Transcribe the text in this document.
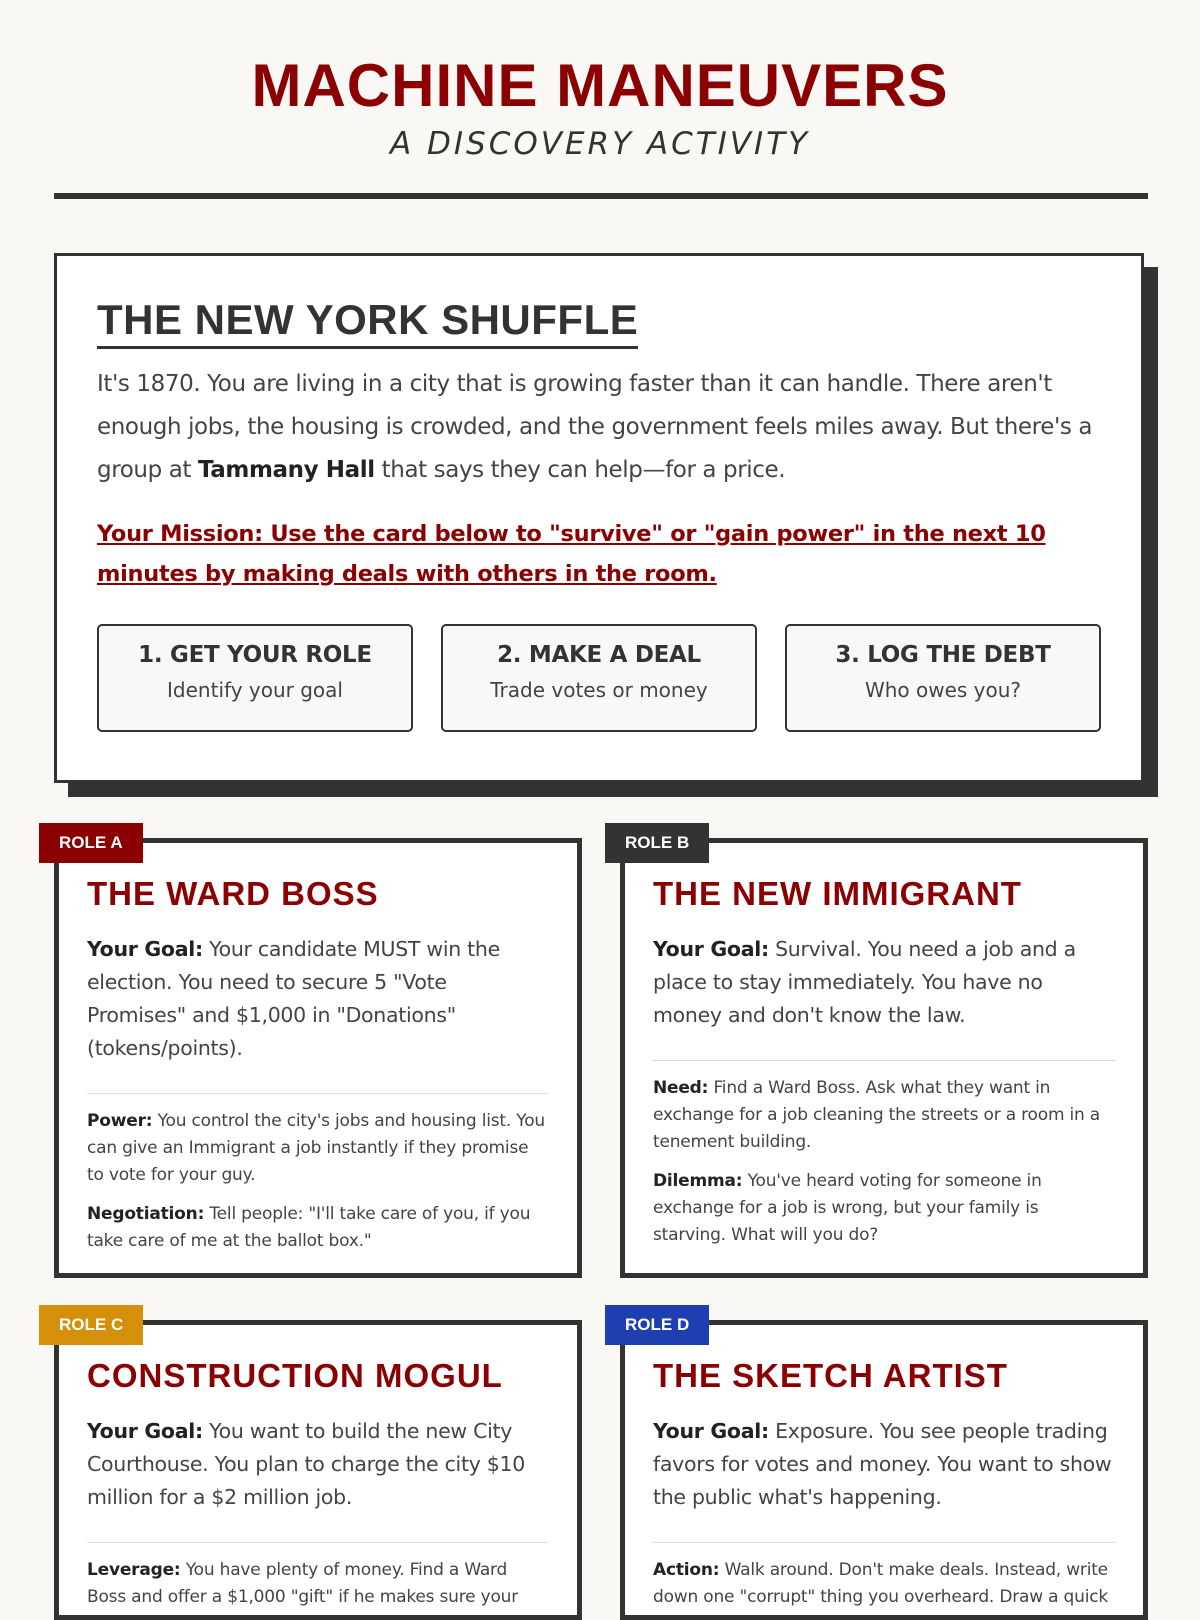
MACHINE MANEUVERS
A DISCOVERY ACTIVITY
THE NEW YORK SHUFFLE

It's 1870. You are living in a city that is growing faster than it can handle. There aren't enough jobs, the housing is crowded, and the government feels miles away. But there's a group at Tammany Hall that says they can help—for a price.

Your Mission: Use the card below to "survive" or "gain power" in the next 10 minutes by making deals with others in the room.

1. GET YOUR ROLE
Identify your goal
2. MAKE A DEAL
Trade votes or money
3. LOG THE DEBT
Who owes you?
ROLE A
THE WARD BOSS

Your Goal: Your candidate MUST win the election. You need to secure 5 "Vote Promises" and $1,000 in "Donations" (tokens/points).

Power: You control the city's jobs and housing list. You can give an Immigrant a job instantly if they promise to vote for your guy.

Negotiation: Tell people: "I'll take care of you, if you take care of me at the ballot box."

ROLE B
THE NEW IMMIGRANT

Your Goal: Survival. You need a job and a place to stay immediately. You have no money and don't know the law.

Need: Find a Ward Boss. Ask what they want in exchange for a job cleaning the streets or a room in a tenement building.

Dilemma: You've heard voting for someone in exchange for a job is wrong, but your family is starving. What will you do?

ROLE C
CONSTRUCTION MOGUL

Your Goal: You want to build the new City Courthouse. You plan to charge the city $10 million for a $2 million job.

Leverage: You have plenty of money. Find a Ward Boss and offer a $1,000 "gift" if he makes sure your

ROLE D
THE SKETCH ARTIST

Your Goal: Exposure. You see people trading favors for votes and money. You want to show the public what's happening.

Action: Walk around. Don't make deals. Instead, write down one "corrupt" thing you overheard. Draw a quick
